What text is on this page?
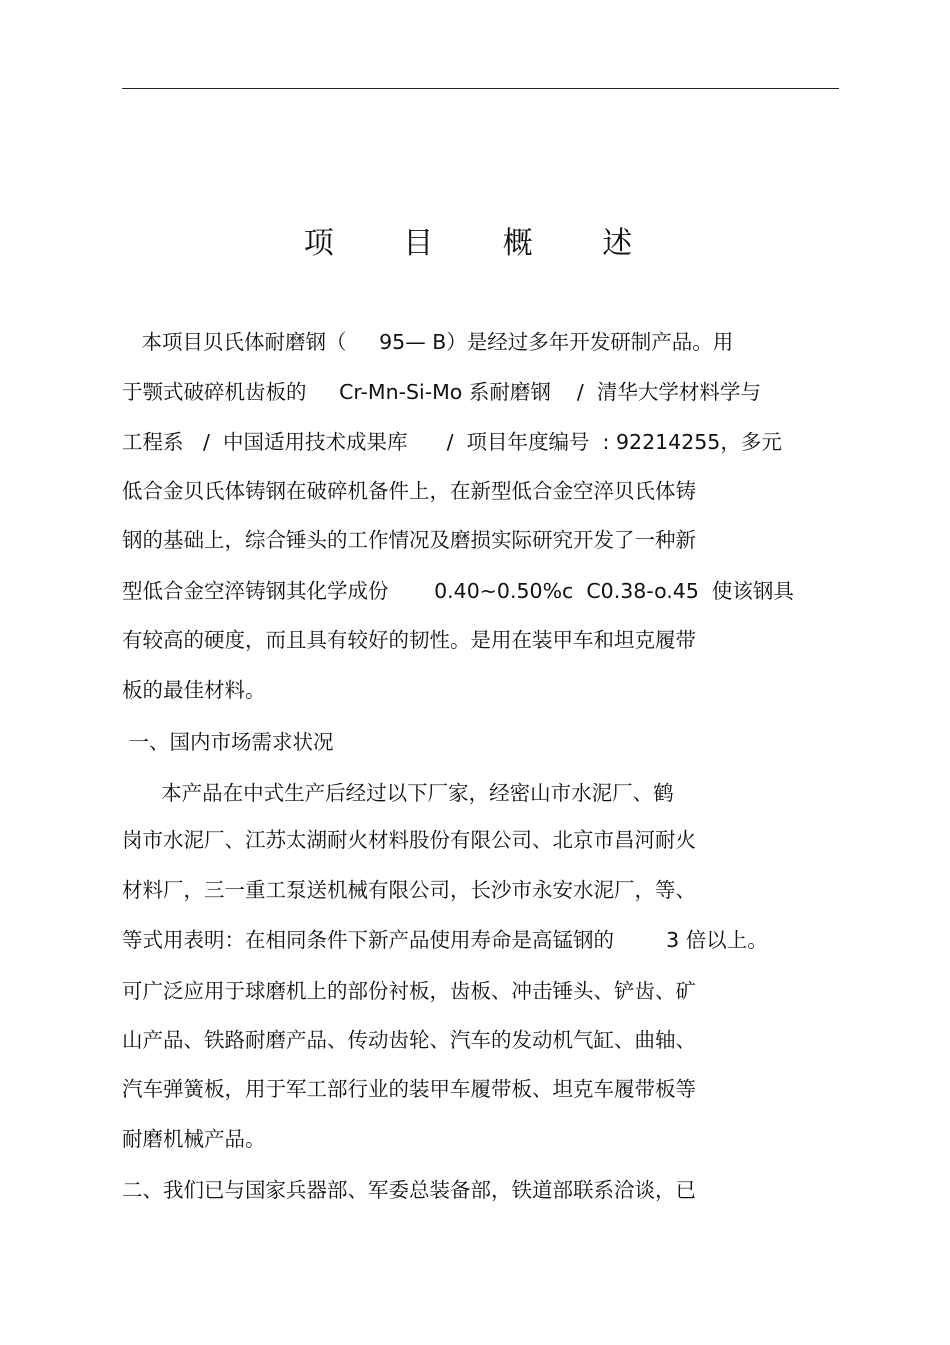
项 目 概 述
本项目贝氏体耐磨钢（     95— B）是经过多年开发研制产品。用
于颚式破碎机齿板的     Cr-Mn-Si-Mo 系耐磨钢    /  清华大学材料学与
工程系   /  中国适用技术成果库      /  项目年度编号  : 92214255，多元
低合金贝氏体铸钢在破碎机备件上，在新型低合金空淬贝氏体铸
钢的基础上，综合锤头的工作情况及磨损实际研究开发了一种新
型低合金空淬铸钢其化学成份       0.40~0.50%c  C0.38-o.45  使该钢具
有较高的硬度，而且具有较好的韧性。是用在装甲车和坦克履带
板的最佳材料。
一、国内市场需求状况
本产品在中式生产后经过以下厂家，经密山市水泥厂、鹤
岗市水泥厂、江苏太湖耐火材料股份有限公司、北京市昌河耐火
材料厂，三一重工泵送机械有限公司，长沙市永安水泥厂，等、
等式用表明：在相同条件下新产品使用寿命是高锰钢的        3 倍以上。
可广泛应用于球磨机上的部份衬板，齿板、冲击锤头、铲齿、矿
山产品、铁路耐磨产品、传动齿轮、汽车的发动机气缸、曲轴、
汽车弹簧板，用于军工部行业的装甲车履带板、坦克车履带板等
耐磨机械产品。
二、我们已与国家兵器部、军委总装备部，铁道部联系洽谈，已
